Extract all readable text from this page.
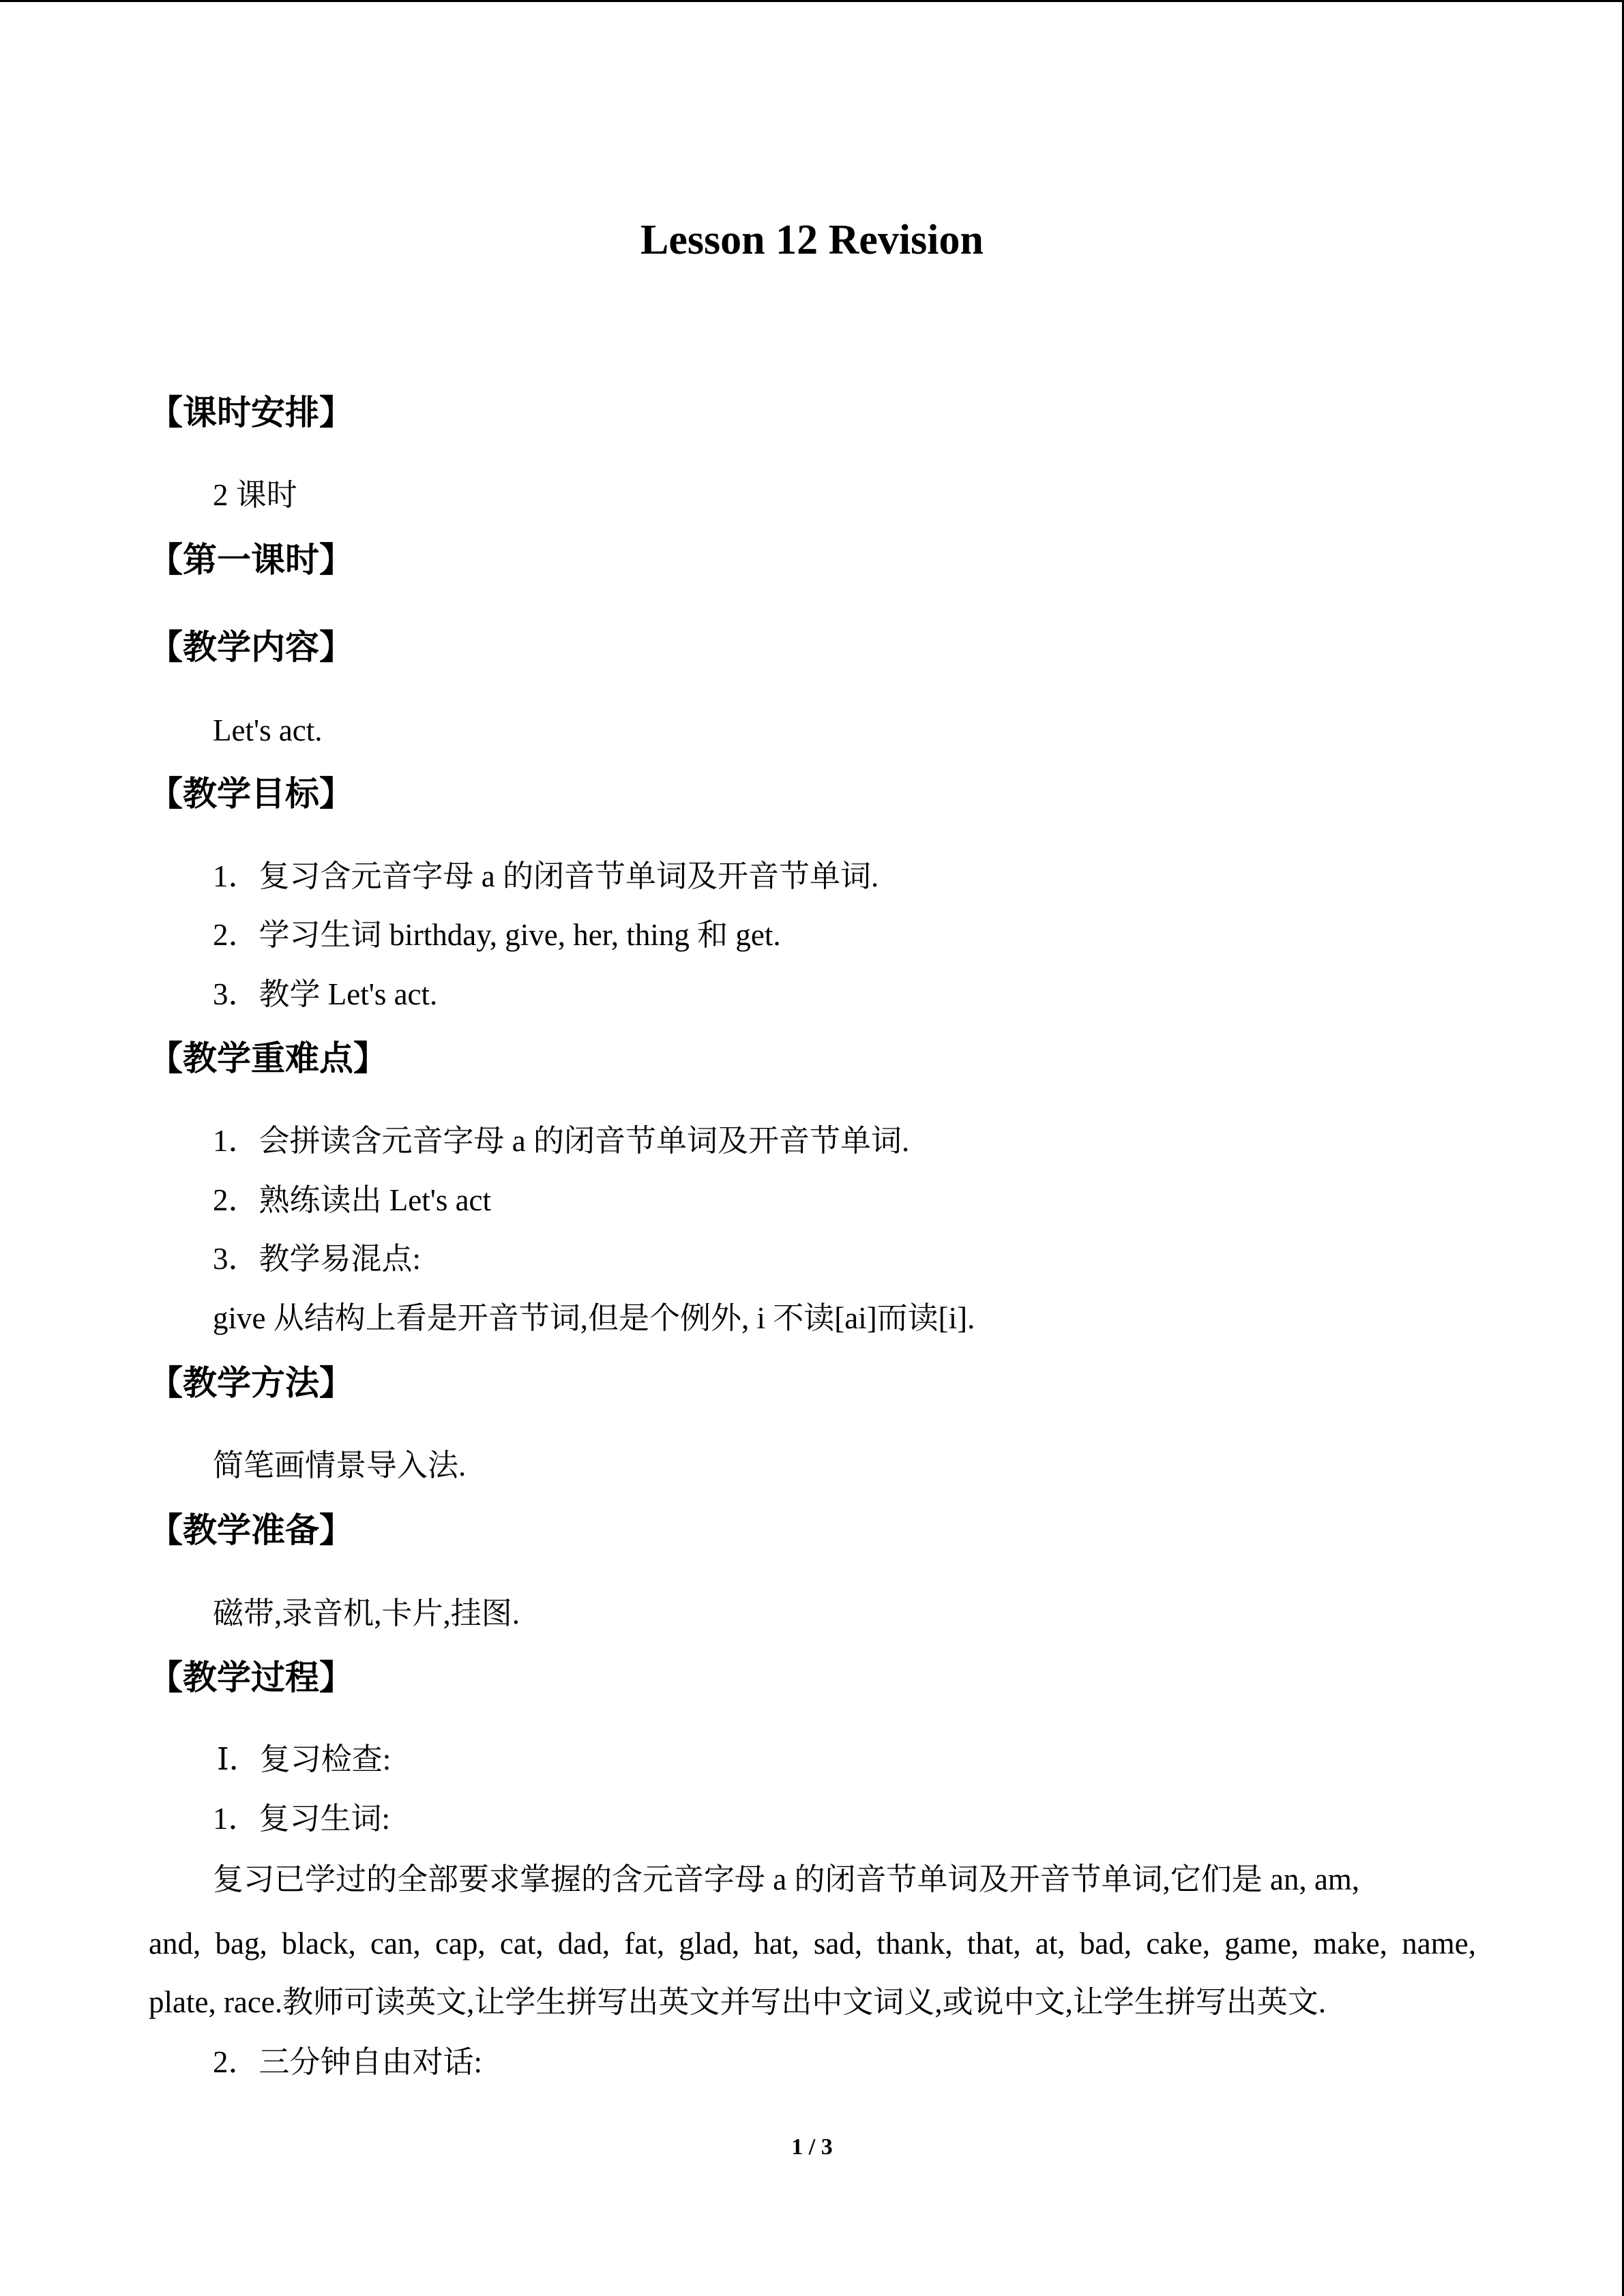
Lesson 12 Revision
【课时安排】
2 课时
【第一课时】
【教学内容】
Let's act.
【教学目标】
1．复习含元音字母 a 的闭音节单词及开音节单词.
2．学习生词 birthday, give, her, thing 和 get.
3．教学 Let's act.
【教学重难点】
1．会拼读含元音字母 a 的闭音节单词及开音节单词.
2．熟练读出 Let's act
3．教学易混点:
give 从结构上看是开音节词,但是个例外, i 不读[ai]而读[i].
【教学方法】
简笔画情景导入法.
【教学准备】
磁带,录音机,卡片,挂图.
【教学过程】
Ⅰ．复习检查:
1．复习生词:
复习已学过的全部要求掌握的含元音字母 a 的闭音节单词及开音节单词,它们是 an, am,
and, bag, black, can, cap, cat, dad, fat, glad, hat, sad, thank, that, at, bad, cake, game, make, name,
plate, race.教师可读英文,让学生拼写出英文并写出中文词义,或说中文,让学生拼写出英文.
2．三分钟自由对话:
1 / 3
